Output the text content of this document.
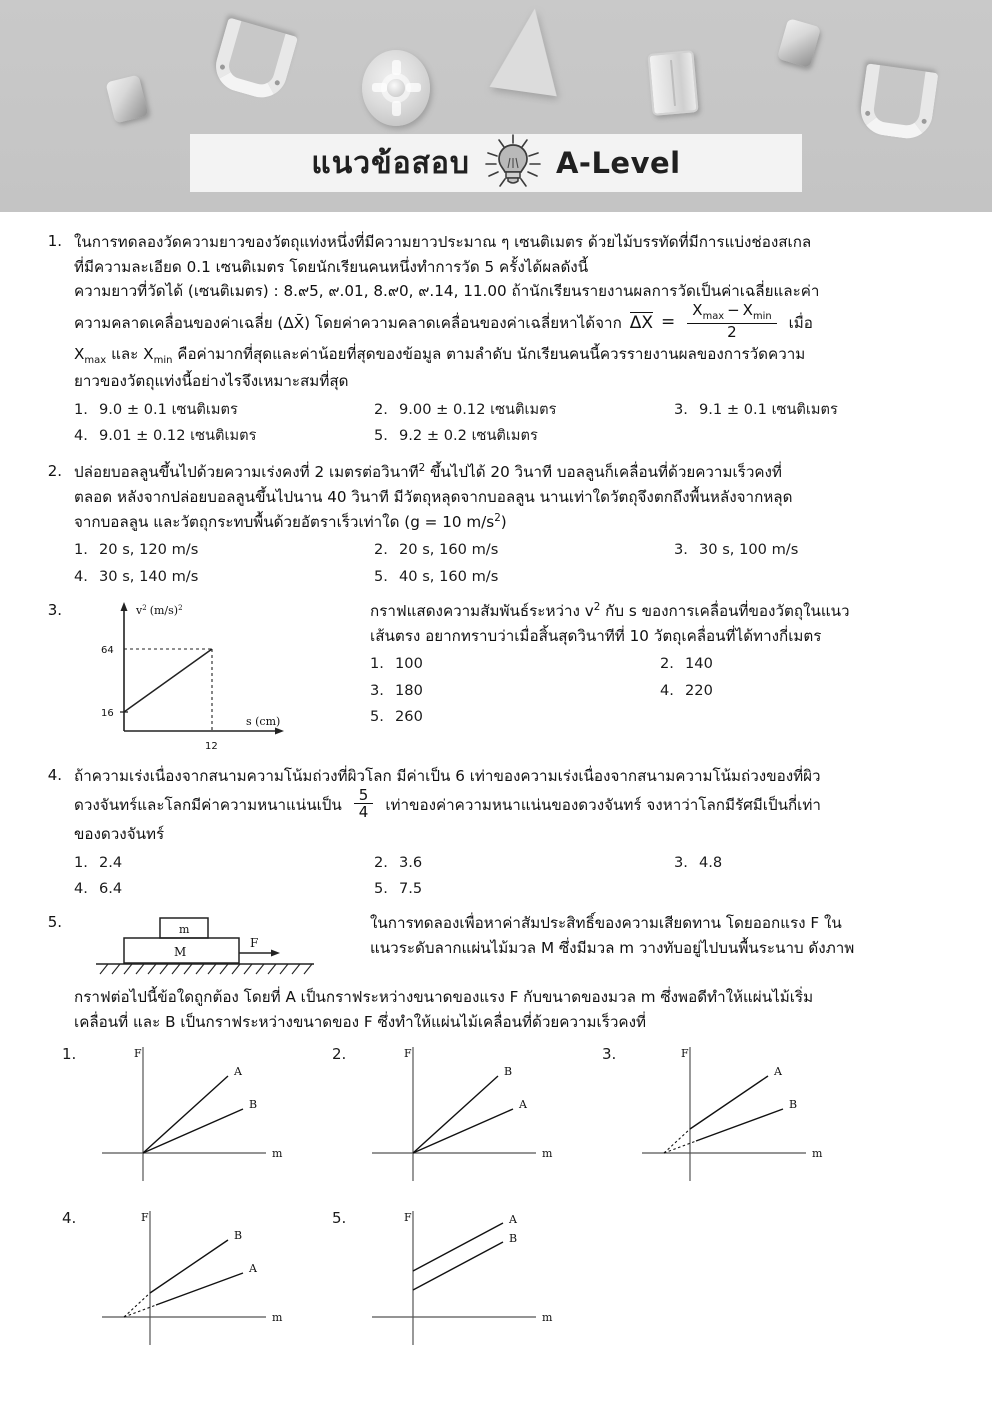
แนวข้อสอบ	A-Level
1. ในการทดลองวัดความยาวของวัตถุแท่งหนึ่งที่มีความยาวประมาณ ๆ เซนติเมตร ด้วยไม้บรรทัดที่มีการแบ่งช่องสเกล
ที่มีความละเอียด 0.1 เซนติเมตร โดยนักเรียนคนหนึ่งทำการวัด 5 ครั้งได้ผลดังนี้
ความยาวที่วัดได้ (เซนติเมตร) : 8.๙5, ๙.01, 8.๙0, ๙.14, 11.00 ถ้านักเรียนรายงานผลการวัดเป็นค่าเฉลี่ยและค่า
ความคลาดเคลื่อนของค่าเฉลี่ย (ΔX̄) โดยค่าความคลาดเคลื่อนของค่าเฉลี่ยหาได้จาก $\Delta X = \frac{X_{max} - X_{min}}{2}$ เมื่อ
$X_{max}$ และ $X_{min}$ คือค่ามากที่สุดและค่าน้อยที่สุดของข้อมูล ตามลำดับ นักเรียนคนนี้ควรรายงานผลของการวัดความ
ยาวของวัตถุแท่งนี้อย่างไรจึงเหมาะสมที่สุด
1. 9.0 ± 0.1 เซนติเมตร	2. 9.00 ± 0.12 เซนติเมตร	3. 9.1 ± 0.1 เซนติเมตร
4. 9.01 ± 0.12 เซนติเมตร	5. 9.2 ± 0.2 เซนติเมตร
2. ปล่อยบอลลูนขึ้นไปด้วยความเร่งคงที่ 2 เมตรต่อวินาที$^2$ ขึ้นไปได้ 20 วินาที บอลลูนก็เคลื่อนที่ด้วยความเร็วคงที่
ตลอด หลังจากปล่อยบอลลูนขึ้นไปนาน 40 วินาที มีวัตถุหลุดจากบอลลูน นานเท่าใดวัตถุจึงตกถึงพื้นหลังจากหลุด
จากบอลลูน และวัตถุกระทบพื้นด้วยอัตราเร็วเท่าใด (g = 10 $m/s^2$)
1. 20 s, 120 m/s	2. 20 s, 160 m/s	3. 30 s, 100 m/s
4. 30 s, 140 m/s	5. 40 s, 160 m/s
3.	$v^2$ $(m/s)^2$
s (cm)
64
16
12
กราฟแสดงความสัมพันธ์ระหว่าง $v^2$ กับ s ของการเคลื่อนที่ของวัตถุในแนว
เส้นตรง อยากทราบว่าเมื่อสิ้นสุดวินาทีที่ 10 วัตถุเคลื่อนที่ได้ทางกี่เมตร
1. 100	2. 140
3. 180	4. 220
5. 260
4. ถ้าความเร่งเนื่องจากสนามความโน้มถ่วงที่ผิวโลก มีค่าเป็น 6 เท่าของความเร่งเนื่องจากสนามความโน้มถ่วงของที่ผิว
ดวงจันทร์และโลกมีค่าความหนาแน่นเป็น $\frac{5}{4}$ เท่าของค่าความหนาแน่นของดวงจันทร์ จงหาว่าโลกมีรัศมีเป็นกี่เท่า
ของดวงจันทร์
1. 2.4	2. 3.6	3. 4.8
4. 6.4	5. 7.5
5.
M
m
F
ในการทดลองเพื่อหาค่าสัมประสิทธิ์ของความเสียดทาน โดยออกแรง F ใน
แนวระดับลากแผ่นไม้มวล M ซึ่งมีมวล m วางทับอยู่ไปบนพื้นระนาบ ดังภาพ
กราฟต่อไปนี้ข้อใดถูกต้อง โดยที่ A เป็นกราฟระหว่างขนาดของแรง F กับขนาดของมวล m ซึ่งพอดีทำให้แผ่นไม้เริ่ม
เคลื่อนที่ และ B เป็นกราฟระหว่างขนาดของ F ซึ่งทำให้แผ่นไม้เคลื่อนที่ด้วยความเร็วคงที่
1.	F
m
A
B
2.	F
m
B
A
3.	F
m
A
B
4.	F
m
B
A
5.	F
m
A
B
